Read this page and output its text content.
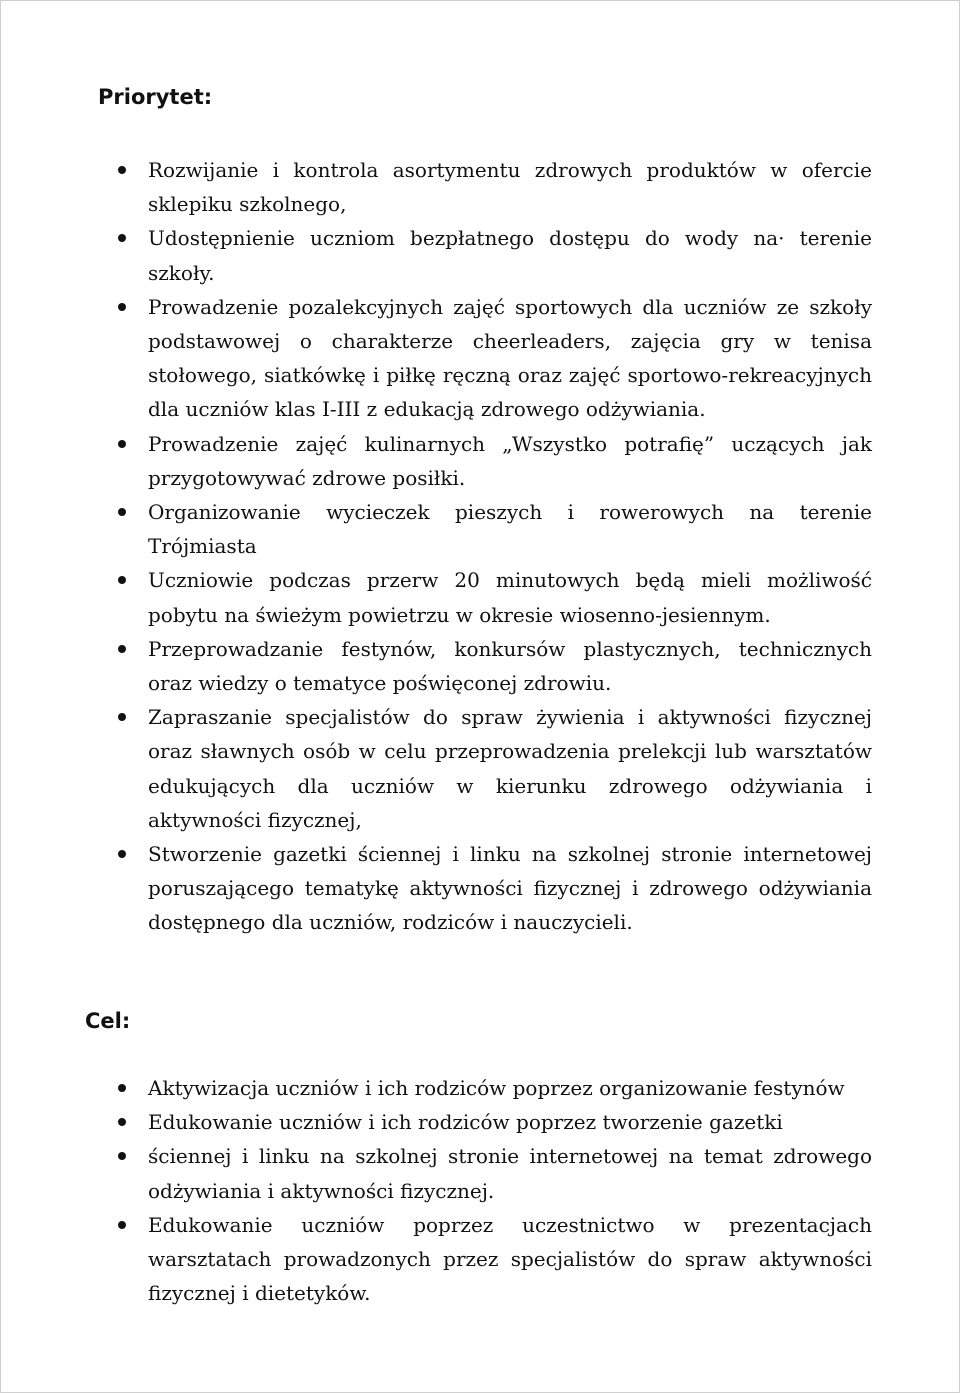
Priorytet:
Rozwijanie i kontrola asortymentu zdrowych produktów w ofercie sklepiku szkolnego,
Udostępnienie uczniom bezpłatnego dostępu do wody na· terenie szkoły.
Prowadzenie pozalekcyjnych zajęć sportowych dla uczniów ze szkoły podstawowej o charakterze cheerleaders, zajęcia gry w tenisa stołowego, siatkówkę i piłkę ręczną oraz zajęć sportowo-rekreacyjnych dla uczniów klas I-III z edukacją zdrowego odżywiania.
Prowadzenie zajęć kulinarnych „Wszystko potrafię” uczących jak przygotowywać zdrowe posiłki.
Organizowanie wycieczek pieszych i rowerowych na terenie Trójmiasta
Uczniowie podczas przerw 20 minutowych będą mieli możliwość pobytu na świeżym powietrzu w okresie wiosenno-jesiennym.
Przeprowadzanie festynów, konkursów plastycznych, technicznych oraz wiedzy o tematyce poświęconej zdrowiu.
Zapraszanie specjalistów do spraw żywienia i aktywności fizycznej oraz sławnych osób w celu przeprowadzenia prelekcji lub warsztatów edukujących dla uczniów w kierunku zdrowego odżywiania i aktywności fizycznej,
Stworzenie gazetki ściennej i linku na szkolnej stronie internetowej poruszającego tematykę aktywności fizycznej i zdrowego odżywiania dostępnego dla uczniów, rodziców i nauczycieli.
Cel:
Aktywizacja uczniów i ich rodziców poprzez organizowanie festynów
Edukowanie uczniów i ich rodziców poprzez tworzenie gazetki
ściennej i linku na szkolnej stronie internetowej na temat zdrowego odżywiania i aktywności fizycznej.
Edukowanie uczniów poprzez uczestnictwo w prezentacjach warsztatach prowadzonych przez specjalistów do spraw aktywności fizycznej i dietetyków.
